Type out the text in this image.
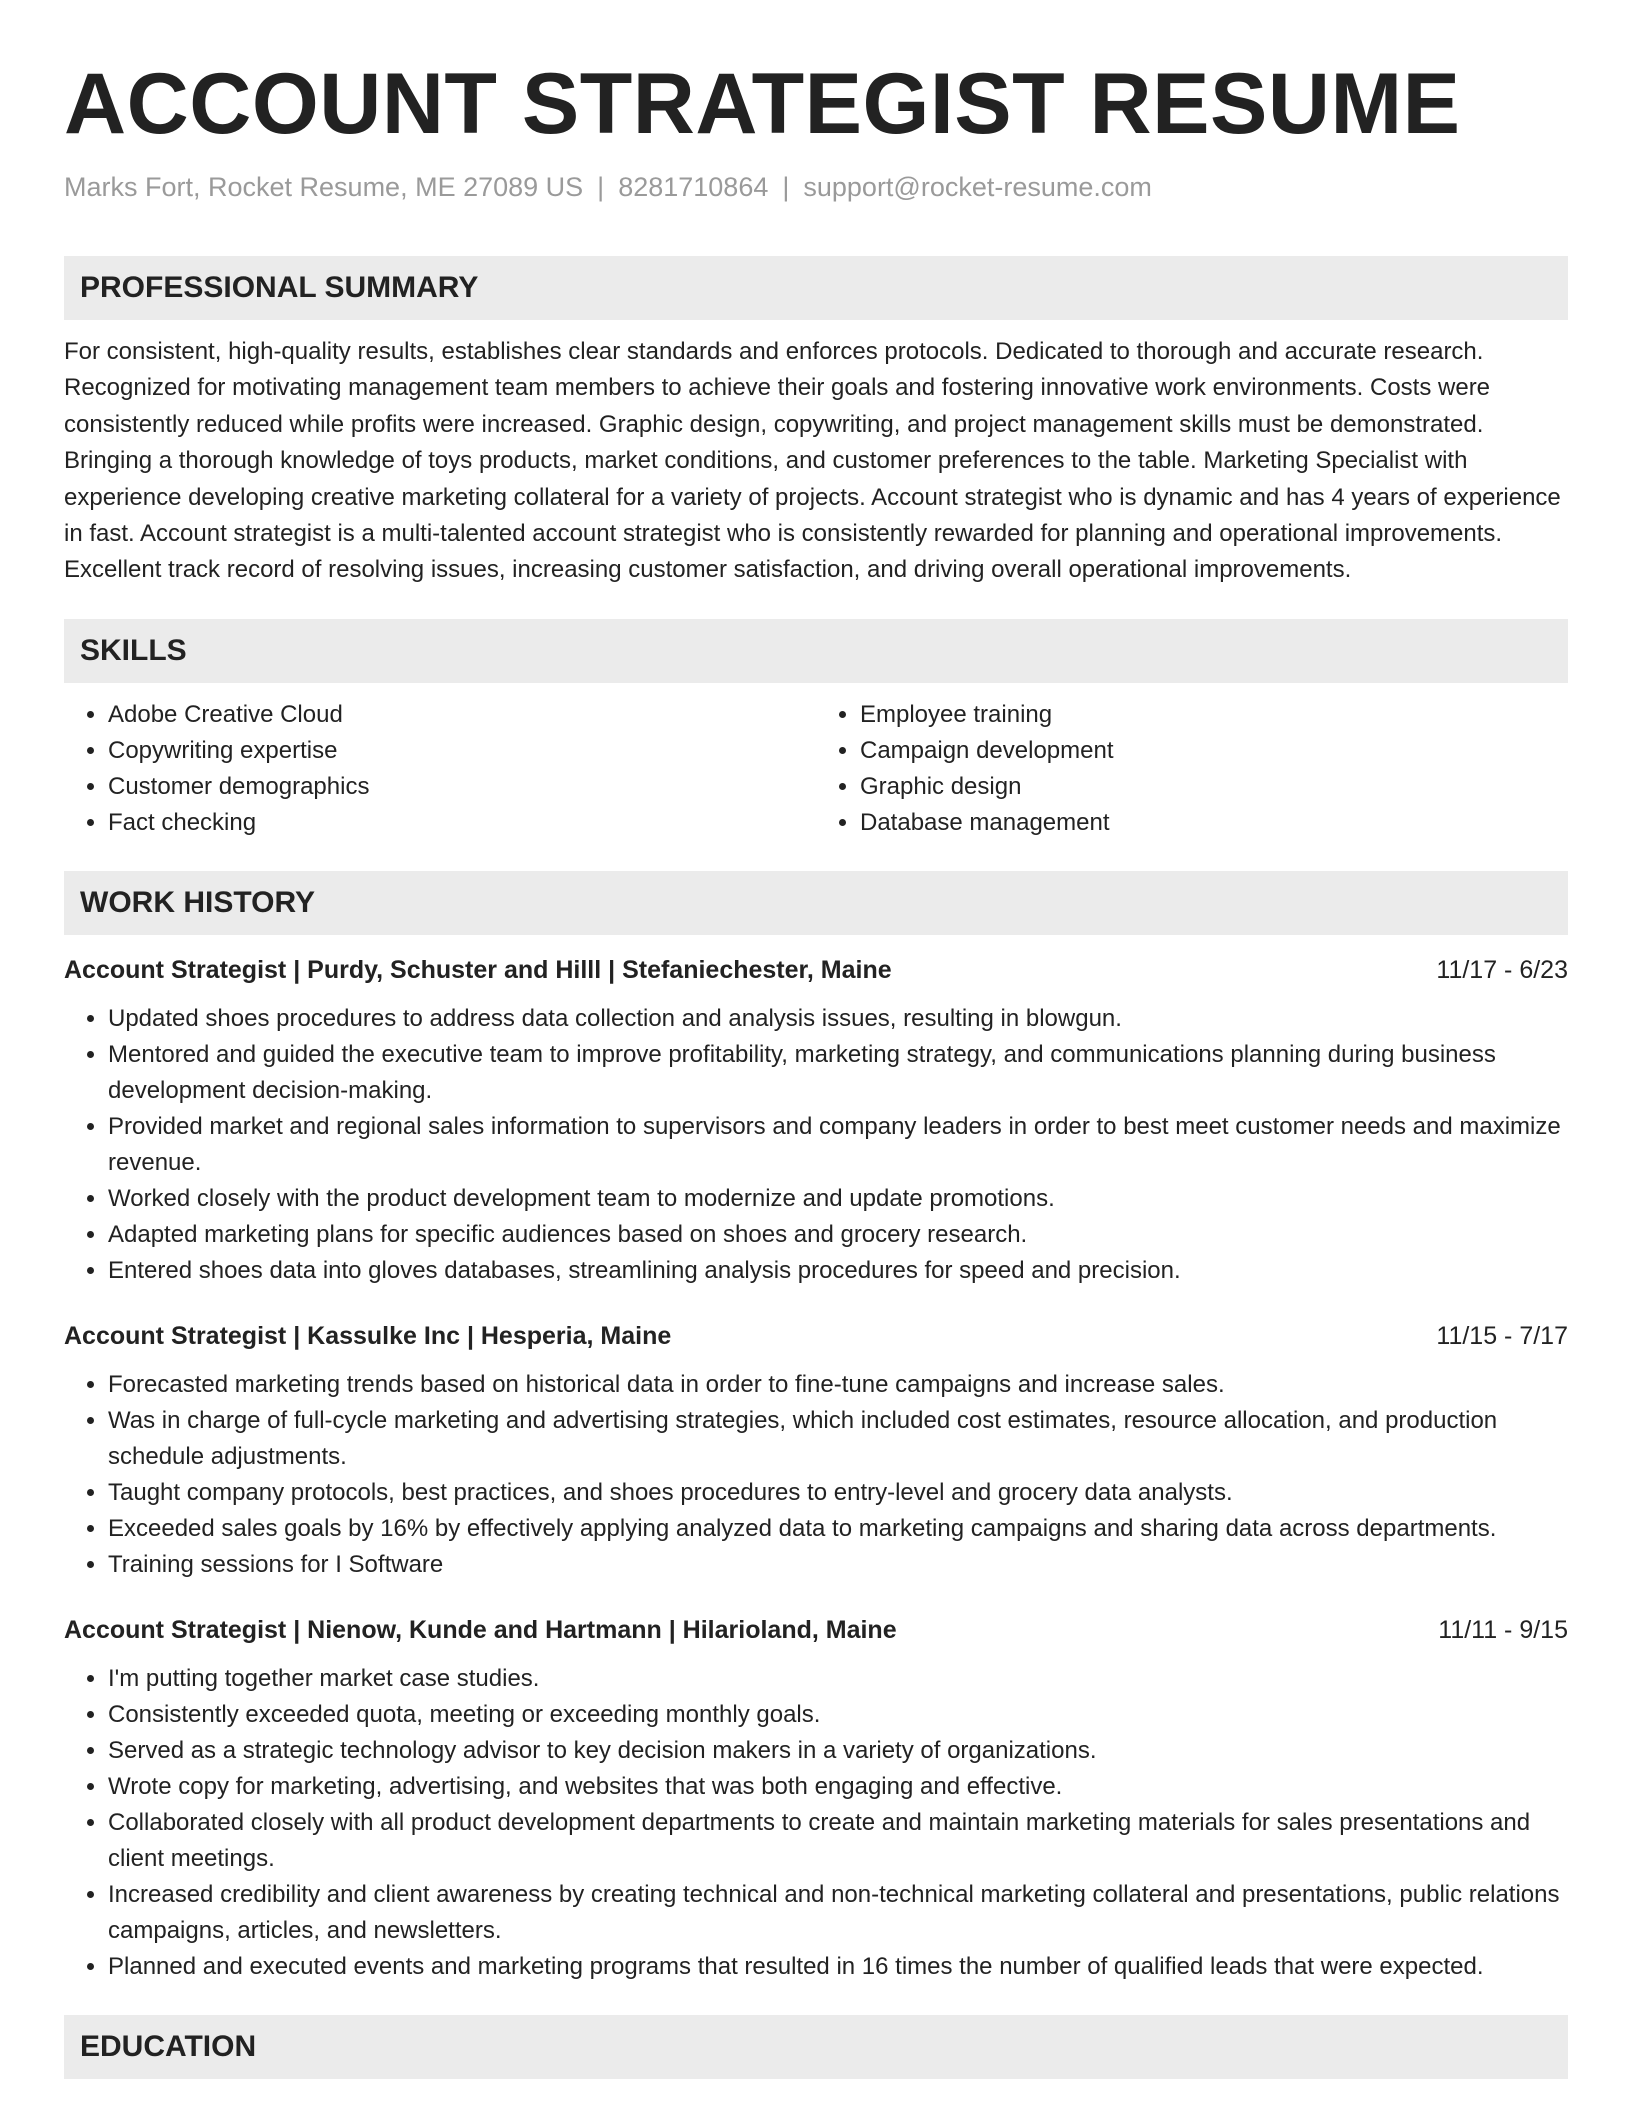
ACCOUNT STRATEGIST RESUME
Marks Fort, Rocket Resume, ME 27089 US | 8281710864 | support@rocket-resume.com
PROFESSIONAL SUMMARY

For consistent, high-quality results, establishes clear standards and enforces protocols. Dedicated to thorough and accurate research. Recognized for motivating management team members to achieve their goals and fostering innovative work environments. Costs were consistently reduced while profits were increased. Graphic design, copywriting, and project management skills must be demonstrated. Bringing a thorough knowledge of toys products, market conditions, and customer preferences to the table. Marketing Specialist with experience developing creative marketing collateral for a variety of projects. Account strategist who is dynamic and has 4 years of experience in fast. Account strategist is a multi-talented account strategist who is consistently rewarded for planning and operational improvements. Excellent track record of resolving issues, increasing customer satisfaction, and driving overall operational improvements.

SKILLS
• Adobe Creative Cloud
• Copywriting expertise
• Customer demographics
• Fact checking
• Employee training
• Campaign development
• Graphic design
• Database management
WORK HISTORY
Account Strategist | Purdy, Schuster and Hilll | Stefaniechester, Maine	11/17 - 6/23
• Updated shoes procedures to address data collection and analysis issues, resulting in blowgun.
• Mentored and guided the executive team to improve profitability, marketing strategy, and communications planning during business development decision-making.
• Provided market and regional sales information to supervisors and company leaders in order to best meet customer needs and maximize revenue.
• Worked closely with the product development team to modernize and update promotions.
• Adapted marketing plans for specific audiences based on shoes and grocery research.
• Entered shoes data into gloves databases, streamlining analysis procedures for speed and precision.
Account Strategist | Kassulke Inc | Hesperia, Maine	11/15 - 7/17
• Forecasted marketing trends based on historical data in order to fine-tune campaigns and increase sales.
• Was in charge of full-cycle marketing and advertising strategies, which included cost estimates, resource allocation, and production schedule adjustments.
• Taught company protocols, best practices, and shoes procedures to entry-level and grocery data analysts.
• Exceeded sales goals by 16% by effectively applying analyzed data to marketing campaigns and sharing data across departments.
• Training sessions for I Software
Account Strategist | Nienow, Kunde and Hartmann | Hilarioland, Maine	11/11 - 9/15
• I'm putting together market case studies.
• Consistently exceeded quota, meeting or exceeding monthly goals.
• Served as a strategic technology advisor to key decision makers in a variety of organizations.
• Wrote copy for marketing, advertising, and websites that was both engaging and effective.
• Collaborated closely with all product development departments to create and maintain marketing materials for sales presentations and client meetings.
• Increased credibility and client awareness by creating technical and non-technical marketing collateral and presentations, public relations campaigns, articles, and newsletters.
• Planned and executed events and marketing programs that resulted in 16 times the number of qualified leads that were expected.
EDUCATION
